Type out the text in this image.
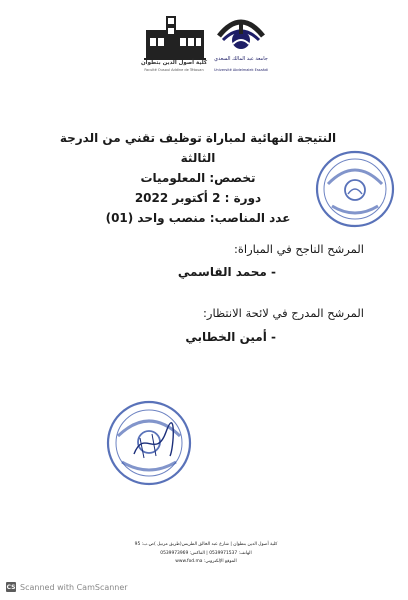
كلية أصول الدين بتطوان
Faculté Ousoul Addine de Tétouan
جامعة عبد المالك السعدي
Université Abdelmalek Essaâdi
النتيجة النهائية لمباراة توظيف تقني من الدرجة الثالثة
تخصص: المعلوميات
دورة : 2 أكتوبر 2022
عدد المناصب: منصب واحد (01)
المرشح الناجح في المباراة:
- محمد القاسمي
المرشح المدرج في لائحة الانتظار:
- أمين الخطابي
كلية أصول الدين بتطوان | شارع عبد الخالق الطريس(طريق مرتيل )ص.ب: 95
الهاتف: 0539971537 | الفاكس: 0539973969
الموقع الإلكتروني: www.fod.ma
CS Scanned with CamScanner
